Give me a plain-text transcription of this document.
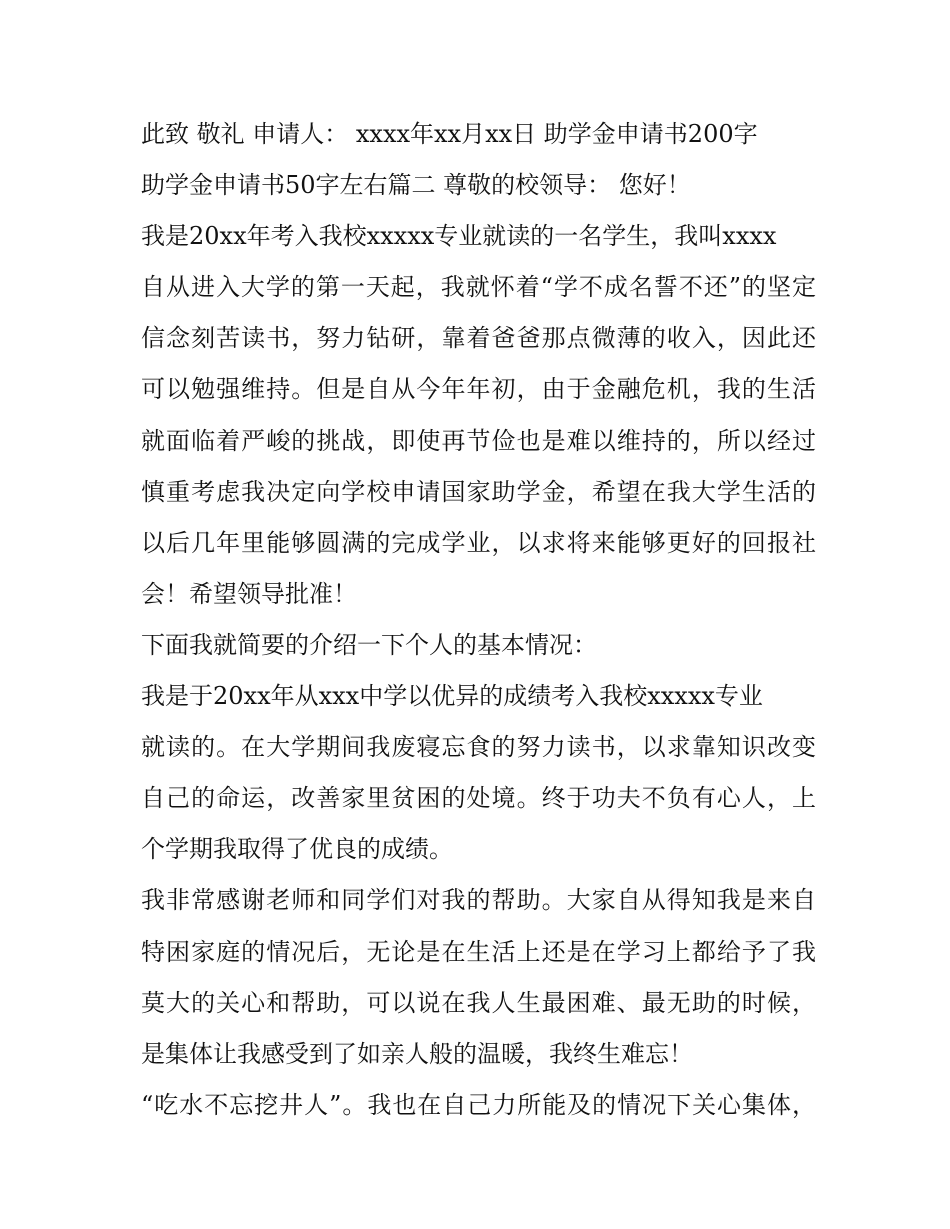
此致 敬礼 申请人： xxxx年xx月xx日 助学金申请书200字
助学金申请书50字左右篇二 尊敬的校领导： 您好！
我是20xx年考入我校xxxxx专业就读的一名学生，我叫xxxx
自从进入大学的第一天起，我就怀着“学不成名誓不还”的坚定
信念刻苦读书，努力钻研，靠着爸爸那点微薄的收入，因此还
可以勉强维持。但是自从今年年初，由于金融危机，我的生活
就面临着严峻的挑战，即使再节俭也是难以维持的，所以经过
慎重考虑我决定向学校申请国家助学金，希望在我大学生活的
以后几年里能够圆满的完成学业，以求将来能够更好的回报社
会！希望领导批准！
下面我就简要的介绍一下个人的基本情况：
我是于20xx年从xxx中学以优异的成绩考入我校xxxxx专业
就读的。在大学期间我废寝忘食的努力读书，以求靠知识改变
自己的命运，改善家里贫困的处境。终于功夫不负有心人，上
个学期我取得了优良的成绩。
我非常感谢老师和同学们对我的帮助。大家自从得知我是来自
特困家庭的情况后，无论是在生活上还是在学习上都给予了我
莫大的关心和帮助，可以说在我人生最困难、最无助的时候，
是集体让我感受到了如亲人般的温暖，我终生难忘！
“吃水不忘挖井人”。我也在自己力所能及的情况下关心集体，
